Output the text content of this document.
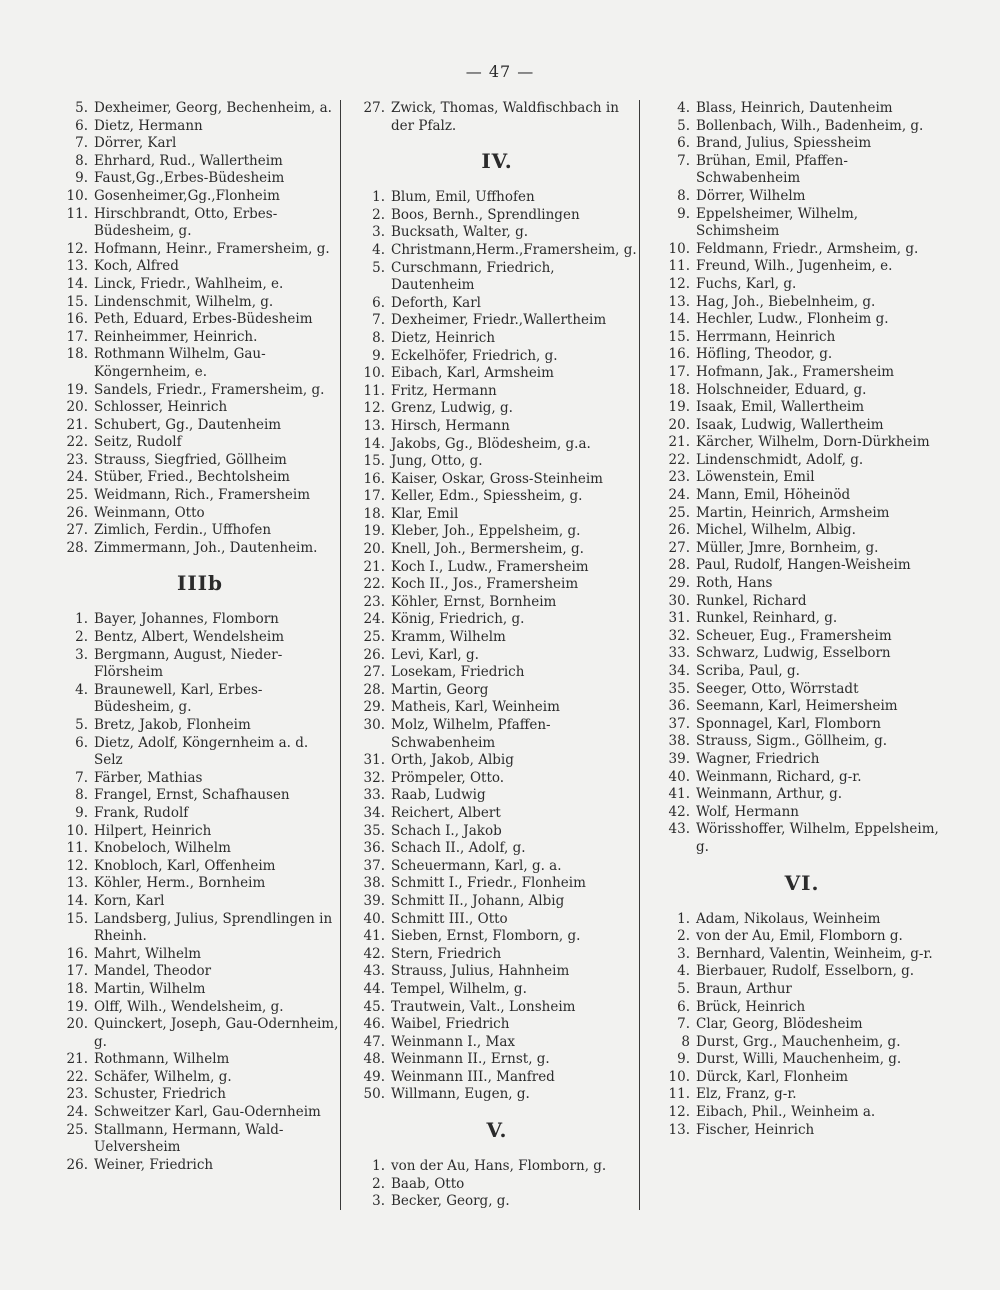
— 47 —
5. Dexheimer, Georg, Bechenheim, a.
6. Dietz, Hermann
7. Dörrer, Karl
8. Ehrhard, Rud., Wallertheim
9. Faust,Gg.,Erbes-Büdesheim
10. Gosenheimer,Gg.,Flonheim
11. Hirschbrandt, Otto, Erbes-Büdesheim, g.
12. Hofmann, Heinr., Framersheim, g.
13. Koch, Alfred
14. Linck, Friedr., Wahlheim, e.
15. Lindenschmit, Wilhelm, g.
16. Peth, Eduard, Erbes-Büdesheim
17. Reinheimmer, Heinrich.
18. Rothmann Wilhelm, Gau-Köngernheim, e.
19. Sandels, Friedr., Framersheim, g.
20. Schlosser, Heinrich
21. Schubert, Gg., Dautenheim
22. Seitz, Rudolf
23. Strauss, Siegfried, Göllheim
24. Stüber, Fried., Bechtolsheim
25. Weidmann, Rich., Framersheim
26. Weinmann, Otto
27. Zimlich, Ferdin., Uffhofen
28. Zimmermann, Joh., Dautenheim.
IIIb
1. Bayer, Johannes, Flomborn
2. Bentz, Albert, Wendelsheim
3. Bergmann, August, Nieder-Flörsheim
4. Braunewell, Karl, Erbes-Büdesheim, g.
5. Bretz, Jakob, Flonheim
6. Dietz, Adolf, Köngernheim a. d. Selz
7. Färber, Mathias
8. Frangel, Ernst, Schafhausen
9. Frank, Rudolf
10. Hilpert, Heinrich
11. Knobeloch, Wilhelm
12. Knobloch, Karl, Offenheim
13. Köhler, Herm., Bornheim
14. Korn, Karl
15. Landsberg, Julius, Sprendlingen in Rheinh.
16. Mahrt, Wilhelm
17. Mandel, Theodor
18. Martin, Wilhelm
19. Olff, Wilh., Wendelsheim, g.
20. Quinckert, Joseph, Gau-Odernheim, g.
21. Rothmann, Wilhelm
22. Schäfer, Wilhelm, g.
23. Schuster, Friedrich
24. Schweitzer Karl, Gau-Odernheim
25. Stallmann, Hermann, Wald-Uelversheim
26. Weiner, Friedrich
27. Zwick, Thomas, Waldfischbach in der Pfalz.
IV.
1. Blum, Emil, Uffhofen
2. Boos, Bernh., Sprendlingen
3. Bucksath, Walter, g.
4. Christmann,Herm.,Framersheim, g.
5. Curschmann, Friedrich, Dautenheim
6. Deforth, Karl
7. Dexheimer, Friedr.,Wallertheim
8. Dietz, Heinrich
9. Eckelhöfer, Friedrich, g.
10. Eibach, Karl, Armsheim
11. Fritz, Hermann
12. Grenz, Ludwig, g.
13. Hirsch, Hermann
14. Jakobs, Gg., Blödesheim, g.a.
15. Jung, Otto, g.
16. Kaiser, Oskar, Gross-Steinheim
17. Keller, Edm., Spiessheim, g.
18. Klar, Emil
19. Kleber, Joh., Eppelsheim, g.
20. Knell, Joh., Bermersheim, g.
21. Koch I., Ludw., Framersheim
22. Koch II., Jos., Framersheim
23. Köhler, Ernst, Bornheim
24. König, Friedrich, g.
25. Kramm, Wilhelm
26. Levi, Karl, g.
27. Losekam, Friedrich
28. Martin, Georg
29. Matheis, Karl, Weinheim
30. Molz, Wilhelm, Pfaffen-Schwabenheim
31. Orth, Jakob, Albig
32. Prömpeler, Otto.
33. Raab, Ludwig
34. Reichert, Albert
35. Schach I., Jakob
36. Schach II., Adolf, g.
37. Scheuermann, Karl, g. a.
38. Schmitt I., Friedr., Flonheim
39. Schmitt II., Johann, Albig
40. Schmitt III., Otto
41. Sieben, Ernst, Flomborn, g.
42. Stern, Friedrich
43. Strauss, Julius, Hahnheim
44. Tempel, Wilhelm, g.
45. Trautwein, Valt., Lonsheim
46. Waibel, Friedrich
47. Weinmann I., Max
48. Weinmann II., Ernst, g.
49. Weinmann III., Manfred
50. Willmann, Eugen, g.
V.
1. von der Au, Hans, Flomborn, g.
2. Baab, Otto
3. Becker, Georg, g.
4. Blass, Heinrich, Dautenheim
5. Bollenbach, Wilh., Badenheim, g.
6. Brand, Julius, Spiessheim
7. Brühan, Emil, Pfaffen-Schwabenheim
8. Dörrer, Wilhelm
9. Eppelsheimer, Wilhelm, Schimsheim
10. Feldmann, Friedr., Armsheim, g.
11. Freund, Wilh., Jugenheim, e.
12. Fuchs, Karl, g.
13. Hag, Joh., Biebelnheim, g.
14. Hechler, Ludw., Flonheim g.
15. Herrmann, Heinrich
16. Höfling, Theodor, g.
17. Hofmann, Jak., Framersheim
18. Holschneider, Eduard, g.
19. Isaak, Emil, Wallertheim
20. Isaak, Ludwig, Wallertheim
21. Kärcher, Wilhelm, Dorn-Dürkheim
22. Lindenschmidt, Adolf, g.
23. Löwenstein, Emil
24. Mann, Emil, Höheinöd
25. Martin, Heinrich, Armsheim
26. Michel, Wilhelm, Albig.
27. Müller, Jmre, Bornheim, g.
28. Paul, Rudolf, Hangen-Weisheim
29. Roth, Hans
30. Runkel, Richard
31. Runkel, Reinhard, g.
32. Scheuer, Eug., Framersheim
33. Schwarz, Ludwig, Esselborn
34. Scriba, Paul, g.
35. Seeger, Otto, Wörrstadt
36. Seemann, Karl, Heimersheim
37. Sponnagel, Karl, Flomborn
38. Strauss, Sigm., Göllheim, g.
39. Wagner, Friedrich
40. Weinmann, Richard, g-r.
41. Weinmann, Arthur, g.
42. Wolf, Hermann
43. Wörisshoffer, Wilhelm, Eppelsheim, g.
VI.
1. Adam, Nikolaus, Weinheim
2. von der Au, Emil, Flomborn g.
3. Bernhard, Valentin, Weinheim, g-r.
4. Bierbauer, Rudolf, Esselborn, g.
5. Braun, Arthur
6. Brück, Heinrich
7. Clar, Georg, Blödesheim
8 Durst, Grg., Mauchenheim, g.
9. Durst, Willi, Mauchenheim, g.
10. Dürck, Karl, Flonheim
11. Elz, Franz, g-r.
12. Eibach, Phil., Weinheim a.
13. Fischer, Heinrich
